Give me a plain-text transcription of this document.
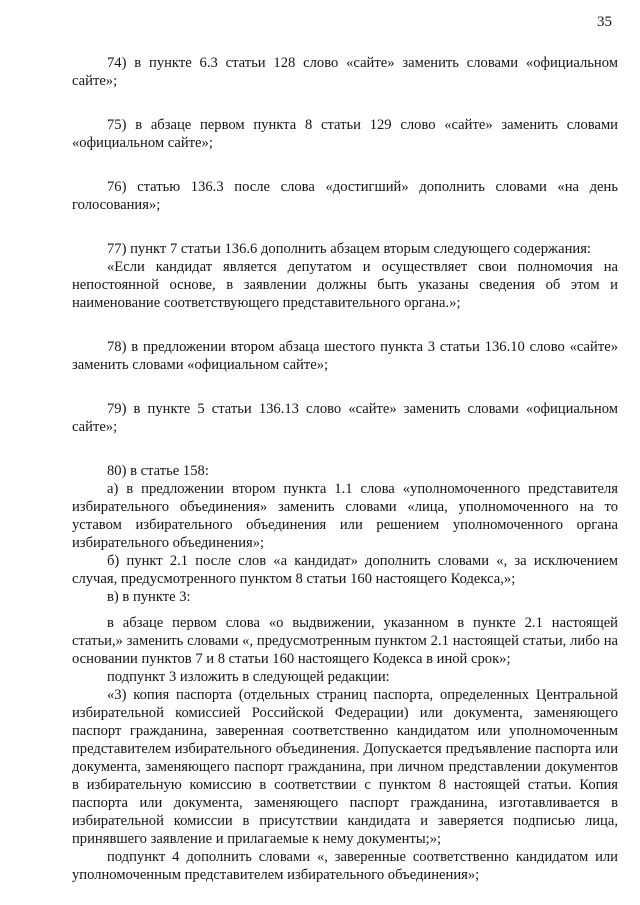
35

74) в пункте 6.3 статьи 128 слово «сайте» заменить словами «официальном сайте»;

75) в абзаце первом пункта 8 статьи 129 слово «сайте» заменить словами «официальном сайте»;

76) статью 136.3 после слова «достигший» дополнить словами «на день голосования»;

77) пункт 7 статьи 136.6 дополнить абзацем вторым следующего содержания:

«Если кандидат является депутатом и осуществляет свои полномочия на непостоянной основе, в заявлении должны быть указаны сведения об этом и наименование соответствующего представительного органа.»;

78) в предложении втором абзаца шестого пункта 3 статьи 136.10 слово «сайте» заменить словами «официальном сайте»;

79) в пункте 5 статьи 136.13 слово «сайте» заменить словами «официальном сайте»;

80) в статье 158:

а) в предложении втором пункта 1.1 слова «уполномоченного представителя избирательного объединения» заменить словами «лица, уполномоченного на то уставом избирательного объединения или решением уполномоченного органа избирательного объединения»;

б) пункт 2.1 после слов «а кандидат» дополнить словами «, за исключением случая, предусмотренного пунктом 8 статьи 160 настоящего Кодекса,»;

в) в пункте 3:

в абзаце первом слова «о выдвижении, указанном в пункте 2.1 настоящей статьи,» заменить словами «, предусмотренным пунктом 2.1 настоящей статьи, либо на основании пунктов 7 и 8 статьи 160 настоящего Кодекса в иной срок»;

подпункт 3 изложить в следующей редакции:

«3) копия паспорта (отдельных страниц паспорта, определенных Центральной избирательной комиссией Российской Федерации) или документа, заменяющего паспорт гражданина, заверенная соответственно кандидатом или уполномоченным представителем избирательного объединения. Допускается предъявление паспорта или документа, заменяющего паспорт гражданина, при личном представлении документов в избирательную комиссию в соответствии с пунктом 8 настоящей статьи. Копия паспорта или документа, заменяющего паспорт гражданина, изготавливается в избирательной комиссии в присутствии кандидата и заверяется подписью лица, принявшего заявление и прилагаемые к нему документы;»;

подпункт 4 дополнить словами «, заверенные соответственно кандидатом или уполномоченным представителем избирательного объединения»;
